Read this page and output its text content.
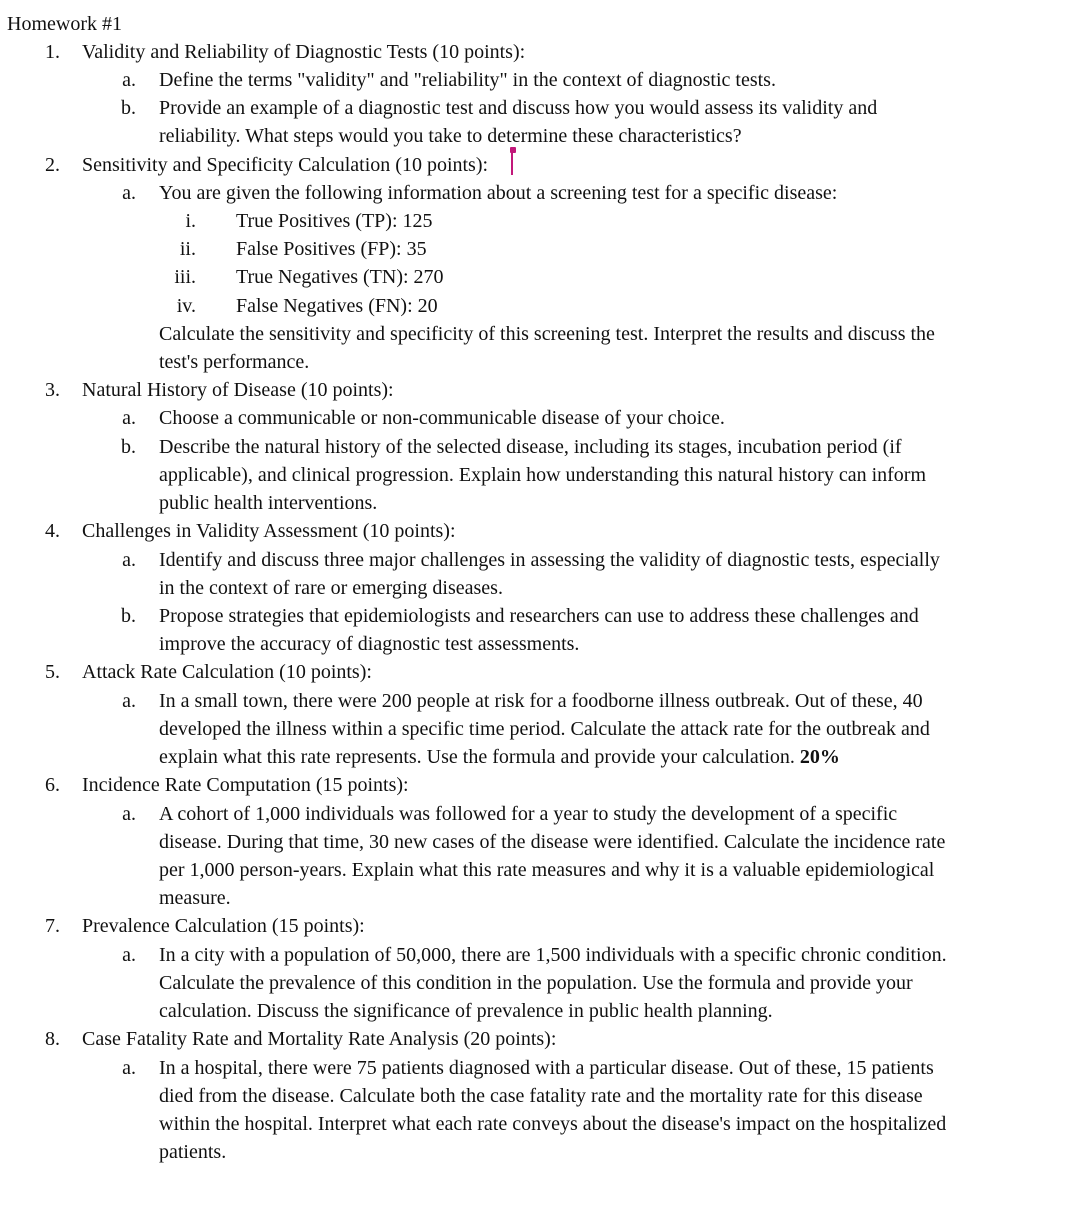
Homework #1
1. Validity and Reliability of Diagnostic Tests (10 points):
a. Define the terms "validity" and "reliability" in the context of diagnostic tests.
b. Provide an example of a diagnostic test and discuss how you would assess its validity and
reliability. What steps would you take to determine these characteristics?
2. Sensitivity and Specificity Calculation (10 points):
a. You are given the following information about a screening test for a specific disease:
i. True Positives (TP): 125
ii. False Positives (FP): 35
iii. True Negatives (TN): 270
iv. False Negatives (FN): 20
Calculate the sensitivity and specificity of this screening test. Interpret the results and discuss the
test's performance.
3. Natural History of Disease (10 points):
a. Choose a communicable or non-communicable disease of your choice.
b. Describe the natural history of the selected disease, including its stages, incubation period (if
applicable), and clinical progression. Explain how understanding this natural history can inform
public health interventions.
4. Challenges in Validity Assessment (10 points):
a. Identify and discuss three major challenges in assessing the validity of diagnostic tests, especially
in the context of rare or emerging diseases.
b. Propose strategies that epidemiologists and researchers can use to address these challenges and
improve the accuracy of diagnostic test assessments.
5. Attack Rate Calculation (10 points):
a. In a small town, there were 200 people at risk for a foodborne illness outbreak. Out of these, 40
developed the illness within a specific time period. Calculate the attack rate for the outbreak and
explain what this rate represents. Use the formula and provide your calculation. 20%
6. Incidence Rate Computation (15 points):
a. A cohort of 1,000 individuals was followed for a year to study the development of a specific
disease. During that time, 30 new cases of the disease were identified. Calculate the incidence rate
per 1,000 person-years. Explain what this rate measures and why it is a valuable epidemiological
measure.
7. Prevalence Calculation (15 points):
a. In a city with a population of 50,000, there are 1,500 individuals with a specific chronic condition.
Calculate the prevalence of this condition in the population. Use the formula and provide your
calculation. Discuss the significance of prevalence in public health planning.
8. Case Fatality Rate and Mortality Rate Analysis (20 points):
a. In a hospital, there were 75 patients diagnosed with a particular disease. Out of these, 15 patients
died from the disease. Calculate both the case fatality rate and the mortality rate for this disease
within the hospital. Interpret what each rate conveys about the disease's impact on the hospitalized
patients.
